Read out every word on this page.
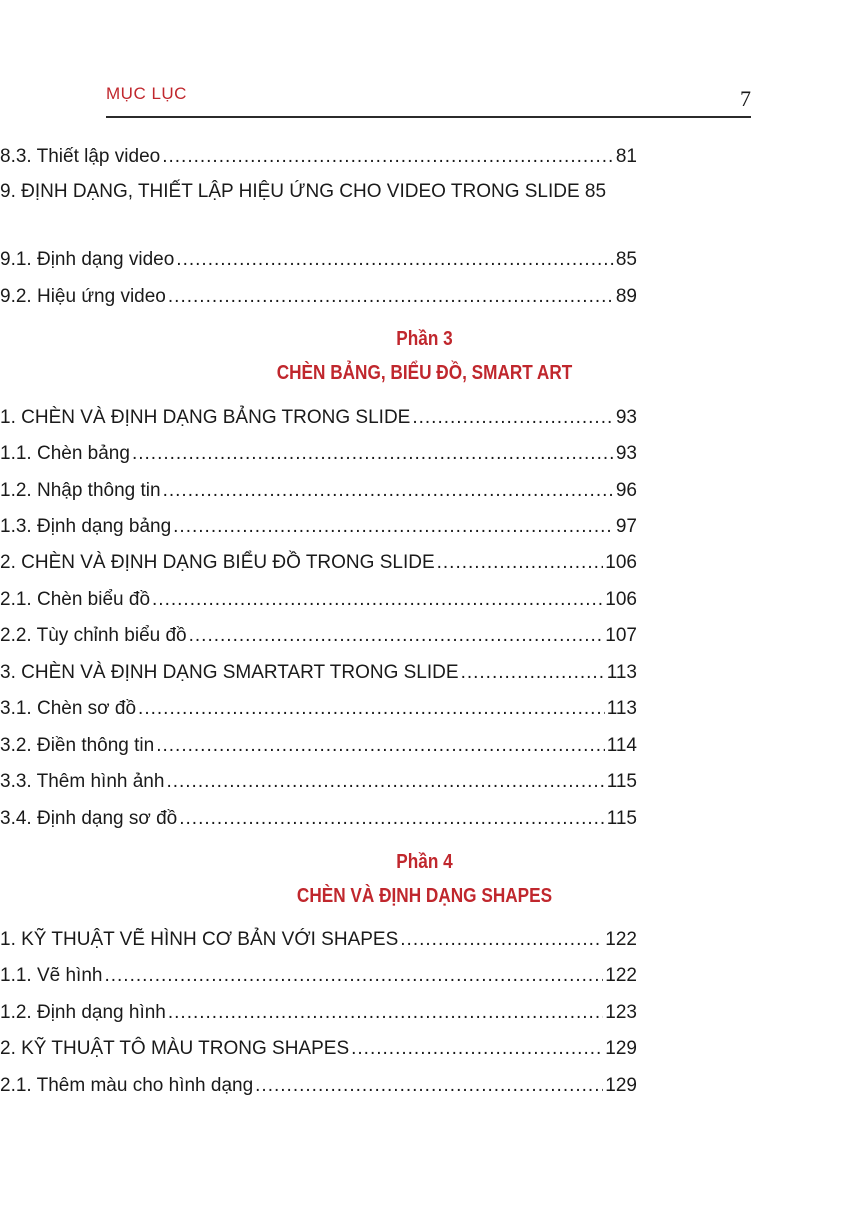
MỤC LỤC	7
8.3. Thiết lập video .....	81
9. ĐỊNH DẠNG, THIẾT LẬP HIỆU ỨNG CHO VIDEO TRONG SLIDE 85
9.1. Định dạng video .....	85
9.2. Hiệu ứng video .....	89
Phần 3
CHÈN BẢNG, BIỂU ĐỒ, SMART ART
1. CHÈN VÀ ĐỊNH DẠNG BẢNG TRONG SLIDE .....	93
1.1. Chèn bảng .....	93
1.2. Nhập thông tin .....	96
1.3. Định dạng bảng .....	97
2. CHÈN VÀ ĐỊNH DẠNG BIỂU ĐỒ TRONG SLIDE .....	106
2.1. Chèn biểu đồ .....	106
2.2. Tùy chỉnh biểu đồ .....	107
3. CHÈN VÀ ĐỊNH DẠNG SMARTART TRONG SLIDE .....	113
3.1. Chèn sơ đồ .....	113
3.2. Điền thông tin .....	114
3.3. Thêm hình ảnh .....	115
3.4. Định dạng sơ đồ .....	115
Phần 4
CHÈN VÀ ĐỊNH DẠNG SHAPES
1. KỸ THUẬT VẼ HÌNH CƠ BẢN VỚI SHAPES .....	122
1.1. Vẽ hình .....	122
1.2. Định dạng hình .....	123
2. KỸ THUẬT TÔ MÀU TRONG SHAPES .....	129
2.1. Thêm màu cho hình dạng .....	129
